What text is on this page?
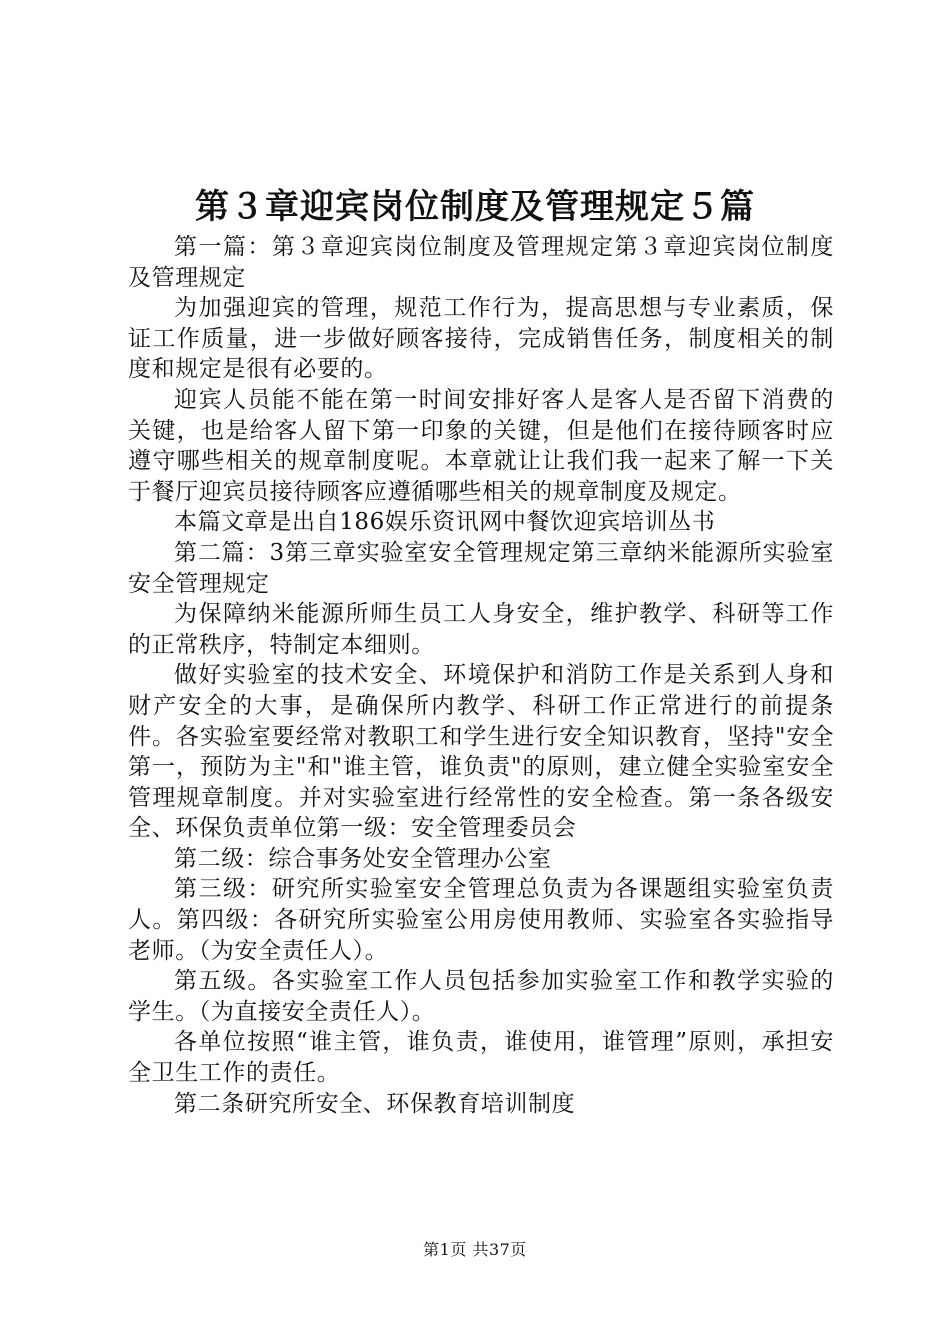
第３章迎宾岗位制度及管理规定５篇

第一篇：第３章迎宾岗位制度及管理规定第３章迎宾岗位制度及管理规定

为加强迎宾的管理，规范工作行为，提高思想与专业素质，保证工作质量，进一步做好顾客接待，完成销售任务，制度相关的制度和规定是很有必要的。

迎宾人员能不能在第一时间安排好客人是客人是否留下消费的关键，也是给客人留下第一印象的关键，但是他们在接待顾客时应遵守哪些相关的规章制度呢。本章就让让我们我一起来了解一下关于餐厅迎宾员接待顾客应遵循哪些相关的规章制度及规定。

本篇文章是出自186娱乐资讯网中餐饮迎宾培训丛书

第二篇：3第三章实验室安全管理规定第三章纳米能源所实验室安全管理规定

为保障纳米能源所师生员工人身安全，维护教学、科研等工作的正常秩序，特制定本细则。

做好实验室的技术安全、环境保护和消防工作是关系到人身和财产安全的大事，是确保所内教学、科研工作正常进行的前提条件。各实验室要经常对教职工和学生进行安全知识教育，坚持"安全第一，预防为主"和"谁主管，谁负责"的原则，建立健全实验室安全管理规章制度。并对实验室进行经常性的安全检查。第一条各级安全、环保负责单位第一级：安全管理委员会

第二级：综合事务处安全管理办公室

第三级：研究所实验室安全管理总负责为各课题组实验室负责人。第四级：各研究所实验室公用房使用教师、实验室各实验指导老师。（为安全责任人）。

第五级。各实验室工作人员包括参加实验室工作和教学实验的学生。（为直接安全责任人）。

各单位按照“谁主管，谁负责，谁使用，谁管理”原则，承担安全卫生工作的责任。

第二条研究所安全、环保教育培训制度

第1页 共37页
